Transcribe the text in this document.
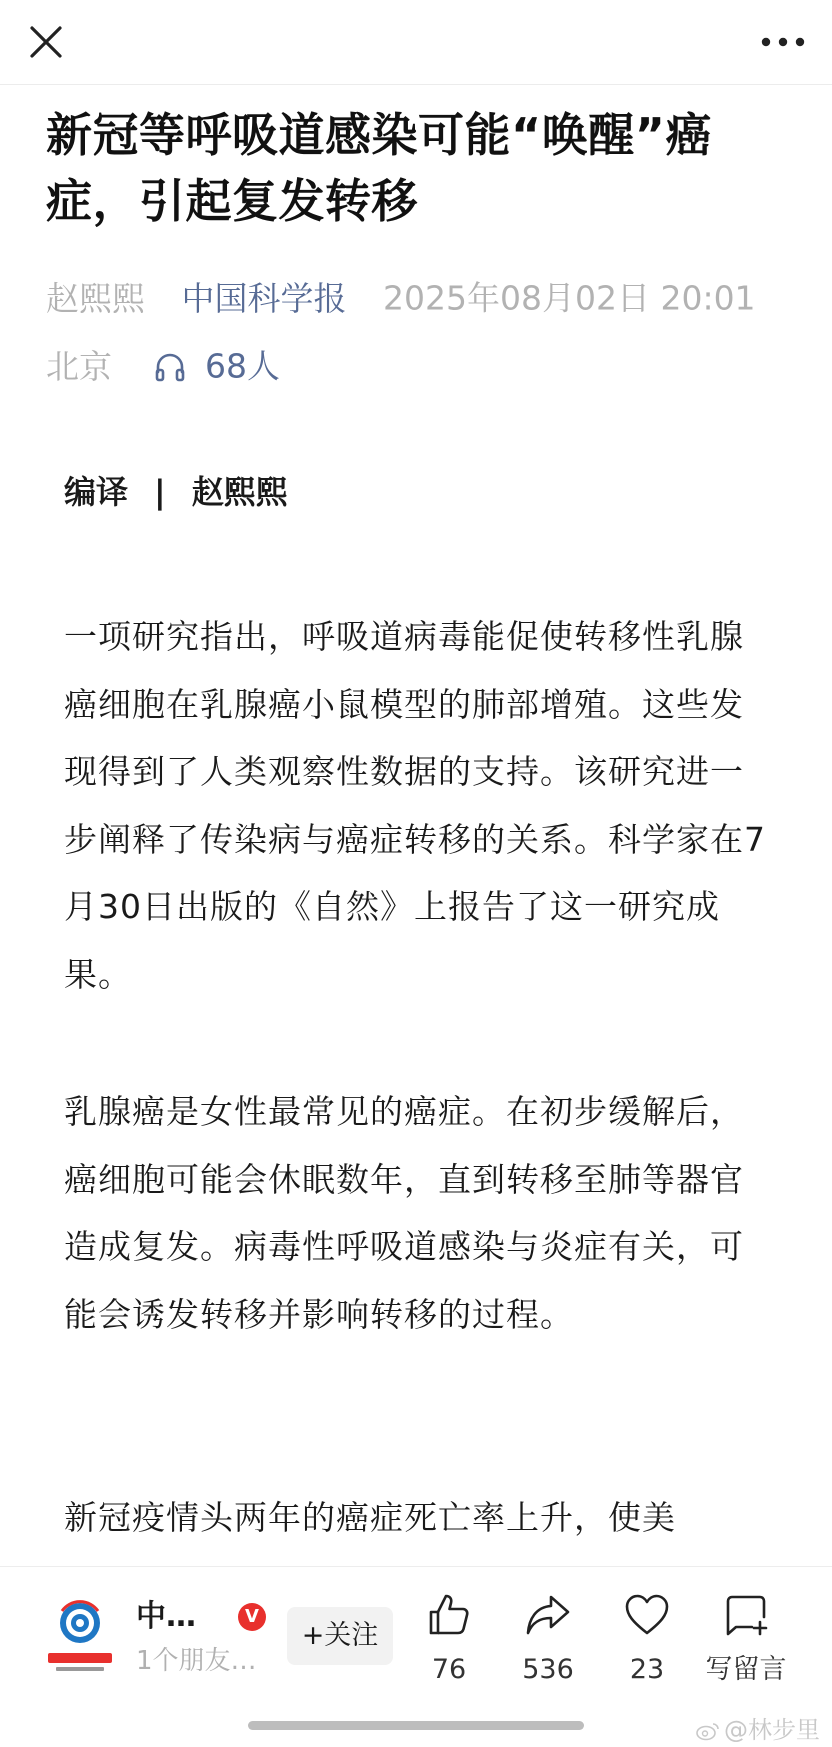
新冠等呼吸道感染可能“唤醒”癌症，引起复发转移
赵熙熙 中国科学报 2025年08月02日 20:01
北京	68人
编译 | 赵熙熙

一项研究指出，呼吸道病毒能促使转移性乳腺癌细胞在乳腺癌小鼠模型的肺部增殖。这些发现得到了人类观察性数据的支持。该研究进一步阐释了传染病与癌症转移的关系。科学家在7月30日出版的《自然》上报告了这一研究成果。

乳腺癌是女性最常见的癌症。在初步缓解后，癌细胞可能会休眠数年，直到转移至肺等器官造成复发。病毒性呼吸道感染与炎症有关，可能会诱发转移并影响转移的过程。

新冠疫情头两年的癌症死亡率上升，使美

中…	V
1个朋友…
+关注
76	536	23	写留言
@林步里
